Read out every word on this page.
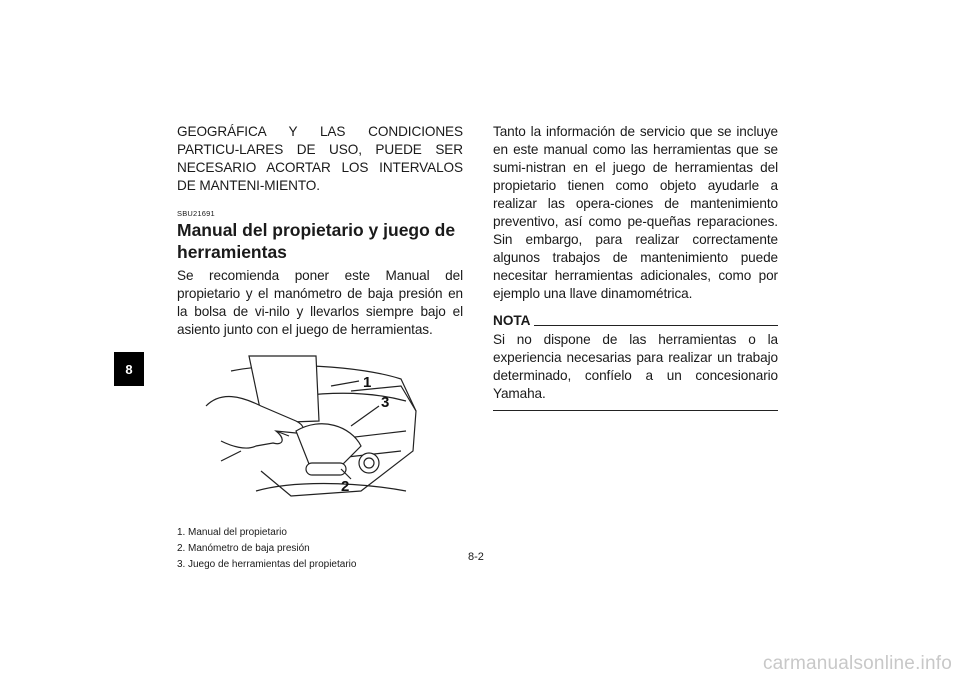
8

GEOGRÁFICA Y LAS CONDICIONES PARTICU-LARES DE USO, PUEDE SER NECESARIO ACORTAR LOS INTERVALOS DE MANTENI-MIENTO.

SBU21691
Manual del propietario y juego de herramientas

Se recomienda poner este Manual del propietario y el manómetro de baja presión en la bolsa de vi-nilo y llevarlos siempre bajo el asiento junto con el juego de herramientas.

1
2
3
1. Manual del propietario
2. Manómetro de baja presión
3. Juego de herramientas del propietario

Tanto la información de servicio que se incluye en este manual como las herramientas que se sumi-nistran en el juego de herramientas del propietario tienen como objeto ayudarle a realizar las opera-ciones de mantenimiento preventivo, así como pe-queñas reparaciones. Sin embargo, para realizar correctamente algunos trabajos de mantenimiento puede necesitar herramientas adicionales, como por ejemplo una llave dinamométrica.

NOTA

Si no dispone de las herramientas o la experiencia necesarias para realizar un trabajo determinado, confíelo a un concesionario Yamaha.

8-2
carmanualsonline.info
